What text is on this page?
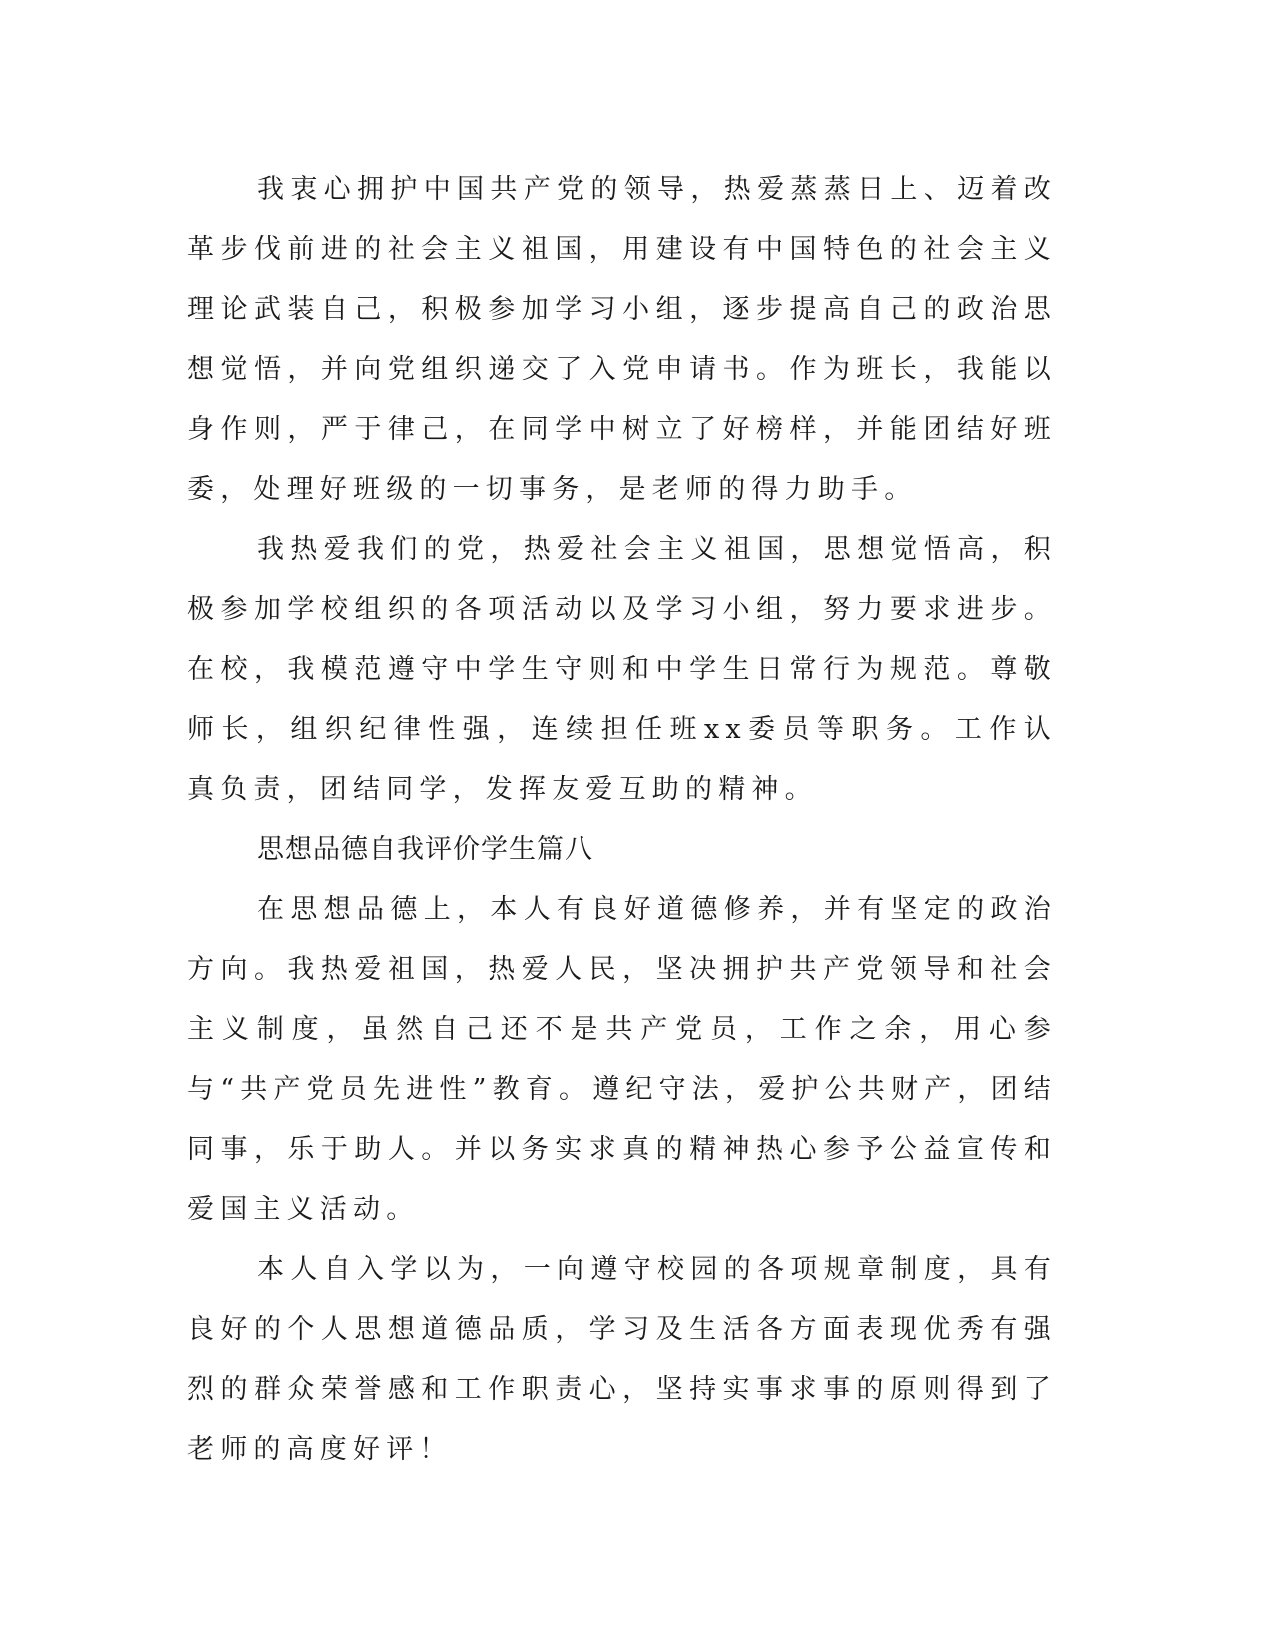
我衷心拥护中国共产党的领导，热爱蒸蒸日上、迈着改革步伐前进的社会主义祖国，用建设有中国特色的社会主义理论武装自己，积极参加学习小组，逐步提高自己的政治思想觉悟，并向党组织递交了入党申请书。作为班长，我能以身作则，严于律己，在同学中树立了好榜样，并能团结好班委，处理好班级的一切事务，是老师的得力助手。

我热爱我们的党，热爱社会主义祖国，思想觉悟高，积极参加学校组织的各项活动以及学习小组，努力要求进步。在校，我模范遵守中学生守则和中学生日常行为规范。尊敬师长，组织纪律性强，连续担任班xx委员等职务。工作认真负责，团结同学，发挥友爱互助的精神。

思想品德自我评价学生篇八

在思想品德上，本人有良好道德修养，并有坚定的政治方向。我热爱祖国，热爱人民，坚决拥护共产党领导和社会主义制度，虽然自己还不是共产党员，工作之余，用心参与“共产党员先进性”教育。遵纪守法，爱护公共财产，团结同事，乐于助人。并以务实求真的精神热心参予公益宣传和爱国主义活动。

本人自入学以为，一向遵守校园的各项规章制度，具有良好的个人思想道德品质，学习及生活各方面表现优秀有强烈的群众荣誉感和工作职责心，坚持实事求事的原则得到了老师的高度好评！
